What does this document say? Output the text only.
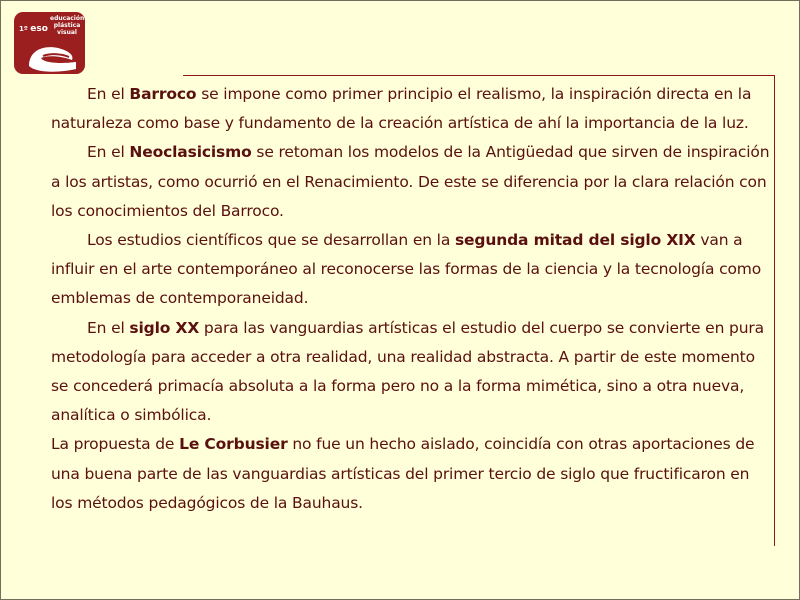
1º eso
educación
plástica
visual

En el Barroco se impone como primer principio el realismo, la inspiración directa en la naturaleza como base y fundamento de la creación artística de ahí la importancia de la luz.

En el Neoclasicismo se retoman los modelos de la Antigüedad que sirven de inspiración a los artistas, como ocurrió en el Renacimiento. De este se diferencia por la clara relación con los conocimientos del Barroco.

Los estudios científicos que se desarrollan en la segunda mitad del siglo XIX van a influir en el arte contemporáneo al reconocerse las formas de la ciencia y la tecnología como emblemas de contemporaneidad.

En el siglo XX para las vanguardias artísticas el estudio del cuerpo se convierte en pura metodología para acceder a otra realidad, una realidad abstracta. A partir de este momento se concederá primacía absoluta a la forma pero no a la forma mimética, sino a otra nueva, analítica o simbólica.

La propuesta de Le Corbusier no fue un hecho aislado, coincidía con otras aportaciones de una buena parte de las vanguardias artísticas del primer tercio de siglo que fructificaron en los métodos pedagógicos de la Bauhaus.
